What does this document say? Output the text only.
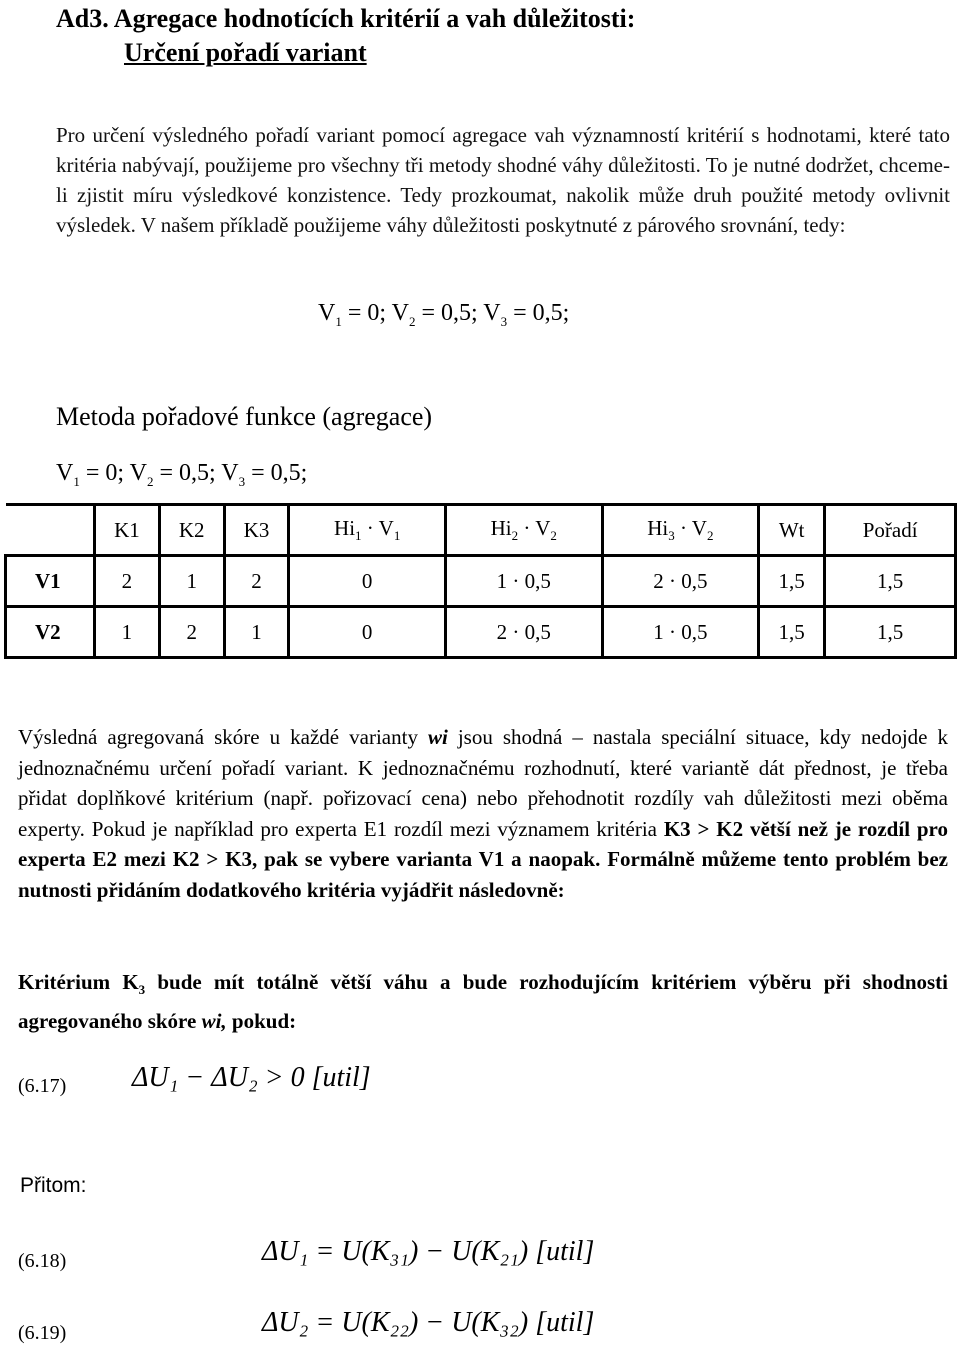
Ad3. Agregace hodnotících kritérií a vah důležitosti:
Určení pořadí variant
Pro určení výsledného pořadí variant pomocí agregace vah významností kritérií s hodnotami, které tato kritéria nabývají, použijeme pro všechny tři metody shodné váhy důležitosti. To je nutné dodržet, chceme-li zjistit míru výsledkové konzistence. Tedy prozkoumat, nakolik může druh použité metody ovlivnit výsledek. V našem příkladě použijeme váhy důležitosti poskytnuté z párového srovnání, tedy:
$V_1 = 0$; $V_2 = 0,5$; $V_3 = 0,5$;
Metoda pořadové funkce (agregace)
$V_1 = 0$; $V_2 = 0,5$; $V_3 = 0,5$;
	K1	K2	K3	$Hi_1 \cdot V_1$	$Hi_2 \cdot V_2$	$Hi_3 \cdot V_2$	Wt	Pořadí
V1	2	1	2	0	1 · 0,5	2 · 0,5	1,5	1,5
V2	1	2	1	0	2 · 0,5	1 · 0,5	1,5	1,5
Výsledná agregovaná skóre u každé varianty wi jsou shodná – nastala speciální situace, kdy nedojde k jednoznačnému určení pořadí variant. K jednoznačnému rozhodnutí, které variantě dát přednost, je třeba přidat doplňkové kritérium (např. pořizovací cena) nebo přehodnotit rozdíly vah důležitosti mezi oběma experty. Pokud je například pro experta E1 rozdíl mezi významem kritéria K3 > K2 větší než je rozdíl pro experta E2 mezi K2 > K3, pak se vybere varianta V1 a naopak. Formálně můžeme tento problém bez nutnosti přidáním dodatkového kritéria vyjádřit následovně:
Kritérium $K_3$ bude mít totálně větší váhu a bude rozhodujícím kritériem výběru při shodnosti agregovaného skóre wi, pokud:
(6.17) ΔU₁ − ΔU₂ > 0 [util]
Přitom:
(6.18)	ΔU₁ = U(K₃₁) − U(K₂₁) [util]
(6.19)	ΔU₂ = U(K₂₂) − U(K₃₂) [util]
